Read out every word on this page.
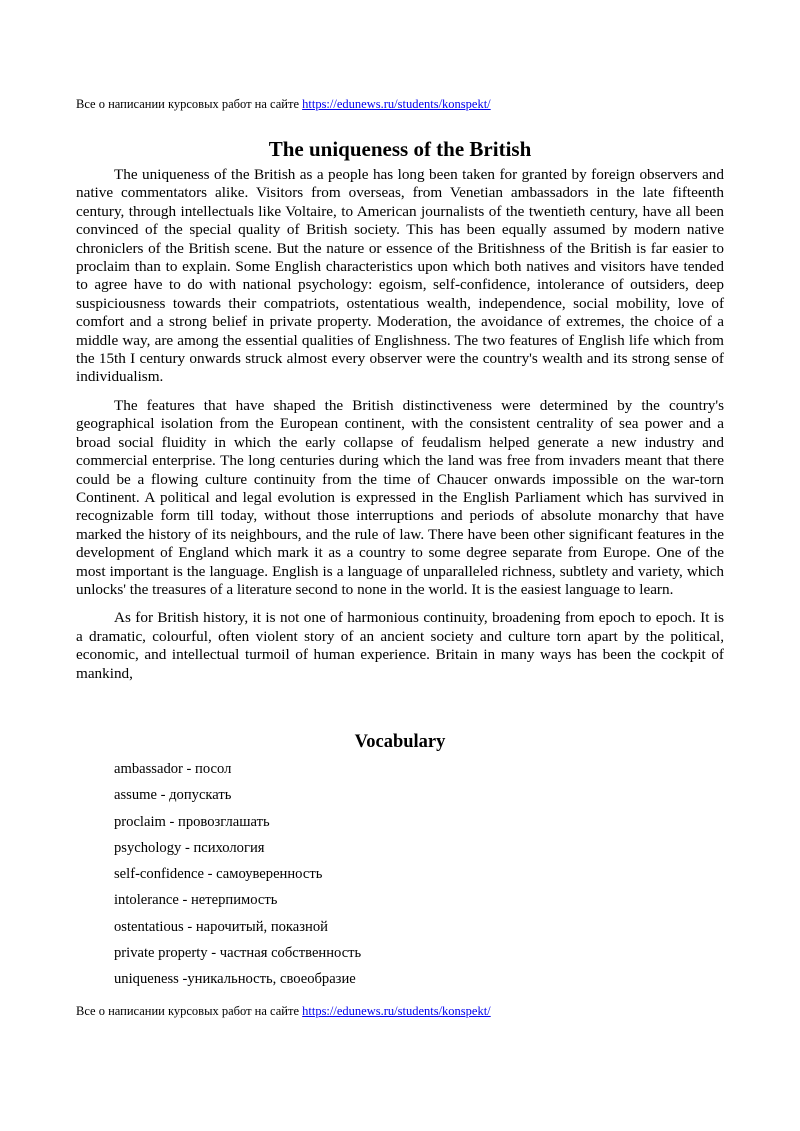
Все о написании курсовых работ на сайте https://edunews.ru/students/konspekt/
The uniqueness of the British

The uniqueness of the British as a people has long been taken for granted by foreign observers and native commentators alike. Visitors from overseas, from Venetian ambassadors in the late fifteenth century, through intellectuals like Voltaire, to American journalists of the twentieth century, have all been convinced of the special quality of British society. This has been equally assumed by modern native chroniclers of the British scene. But the nature or essence of the Britishness of the British is far easier to proclaim than to explain. Some English characteristics upon which both natives and visitors have tended to agree have to do with national psychology: egoism, self-confidence, intolerance of outsiders, deep suspiciousness towards their compatriots, ostentatious wealth, independence, social mobility, love of comfort and a strong belief in private property. Moderation, the avoidance of extremes, the choice of a middle way, are among the essential qualities of Englishness. The two features of English life which from the 15th I century onwards struck almost every observer were the country's wealth and its strong sense of individualism.

The features that have shaped the British distinctiveness were determined by the country's geographical isolation from the European continent, with the consistent centrality of sea power and a broad social fluidity in which the early collapse of feudalism helped generate a new industry and commercial enterprise. The long centuries during which the land was free from invaders meant that there could be a flowing culture continuity from the time of Chaucer onwards impossible on the war-torn Continent. A political and legal evolution is expressed in the English Parliament which has survived in recognizable form till today, without those interruptions and periods of absolute monarchy that have marked the history of its neighbours, and the rule of law. There have been other significant features in the development of England which mark it as a country to some degree separate from Europe. One of the most important is the language. English is a language of unparalleled richness, subtlety and variety, which unlocks' the treasures of a literature second to none in the world. It is the easiest language to learn.

As for British history, it is not one of harmonious continuity, broadening from epoch to epoch. It is a dramatic, colourful, often violent story of an ancient society and culture torn apart by the political, economic, and intellectual turmoil of human experience. Britain in many ways has been the cockpit of mankind,

Vocabulary
ambassador - посол
assume - допускать
proclaim - провозглашать
psychology - психология
self-confidence - самоуверенность
intolerance - нетерпимость
ostentatious - нарочитый, показной
private property - частная собственность
uniqueness -уникальность, своеобразие
Все о написании курсовых работ на сайте https://edunews.ru/students/konspekt/
